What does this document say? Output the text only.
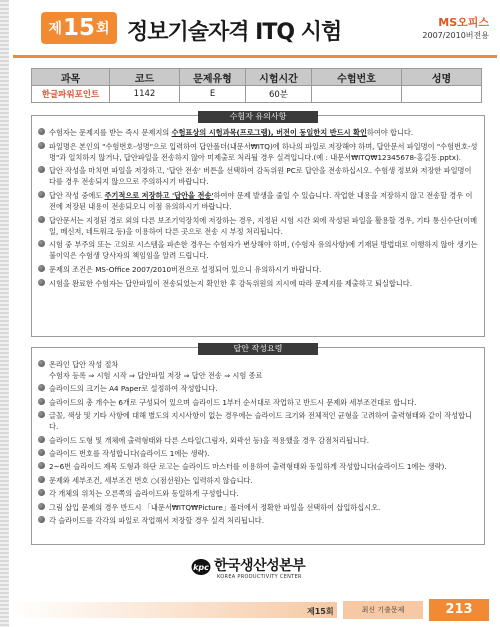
제 15 회 정보기술자격 ITQ 시험	MS오피스
2007/2010버전용
과목	코드	문제유형	시험시간	수험번호	성명
한글파워포인트	1142	E	60분		
수험자 유의사항
수험자는 문제지를 받는 즉시 문제지의 수험표상의 시험과목(프로그램), 버전이 동일한지 반드시 확인하여야 합니다.
파일명은 본인의 "수험번호-성명"으로 입력하여 답안폴더(내문서₩ITQ)에 하나의 파일로 저장해야 하며, 답안문서 파일명이 "수험번호-성명"과 일치하지 않거나, 답안파일을 전송하지 않아 미제출로 처리될 경우 실격입니다.(예 : 내문서₩ITQ₩12345678-홍길동.pptx).
답안 작성을 마치면 파일을 저장하고, '답안 전송' 버튼을 선택하여 감독위원 PC로 답안을 전송하십시오. 수험생 정보와 저장한 파일명이 다를 경우 전송되지 않으므로 주의하시기 바랍니다.
답안 작성 중에도 주기적으로 저장하고 '답안을 전송'하여야 문제 발생을 줄일 수 있습니다. 작업한 내용을 저장하지 않고 전송할 경우 이전에 저장된 내용이 전송되오니 이점 유의하시기 바랍니다.
답안문서는 지정된 경로 외의 다른 보조기억장치에 저장하는 경우, 지정된 시험 시간 외에 작성된 파일을 활용할 경우, 기타 통신수단(이메일, 메신저, 네트워크 등)을 이용하여 다른 곳으로 전송 시 부정 처리됩니다.
시험 중 부주의 또는 고의로 시스템을 파손한 경우는 수험자가 변상해야 하며, (수험자 유의사항)에 기재된 방법대로 이행하지 않아 생기는 불이익은 수험생 당사자의 책임임을 알려 드립니다.
문제의 조건은 MS-Office 2007/2010버전으로 설정되어 있으니 유의하시기 바랍니다.
시험을 완료한 수험자는 답안파일이 전송되었는지 확인한 후 감독위원의 지시에 따라 문제지를 제출하고 퇴실합니다.
답안 작성요령
온라인 답안 작성 절차
수험자 등록 ⇒ 시험 시작 ⇒ 답안파일 저장 ⇒ 답안 전송 ⇒ 시험 종료
슬라이드의 크기는 A4 Paper로 설정하여 작성합니다.
슬라이드의 총 개수는 6개로 구성되어 있으며 슬라이드 1부터 순서대로 작업하고 반드시 문제와 세부조건대로 합니다.
글꼴, 색상 및 기타 사항에 대해 별도의 지시사항이 없는 경우에는 슬라이드 크기와 전체적인 균형을 고려하여 출력형태와 같이 작성합니다.
슬라이드 도형 및 개체에 출력형태와 다른 스타일(그림자, 외곽선 등)을 적용했을 경우 감점처리됩니다.
슬라이드 번호를 작성합니다(슬라이드 1에는 생략).
2~6번 슬라이드 제목 도형과 하단 로고는 슬라이드 마스터를 이용하여 출력형태와 동일하게 작성합니다(슬라이드 1에는 생략).
문제와 세부조건, 세부조건 번호 ○(점선원)는 입력하지 않습니다.
각 개체의 위치는 오른쪽의 슬라이드와 동일하게 구성합니다.
그림 삽입 문제의 경우 반드시 「내문서₩ITQ₩Picture」폴더에서 정확한 파일을 선택하여 삽입하십시오.
각 슬라이드를 각각의 파일로 작업해서 저장할 경우 실격 처리됩니다.
kpc 한국생산성본부
KOREA PRODUCTIVITY CENTER
제15회	최신 기출문제	213
